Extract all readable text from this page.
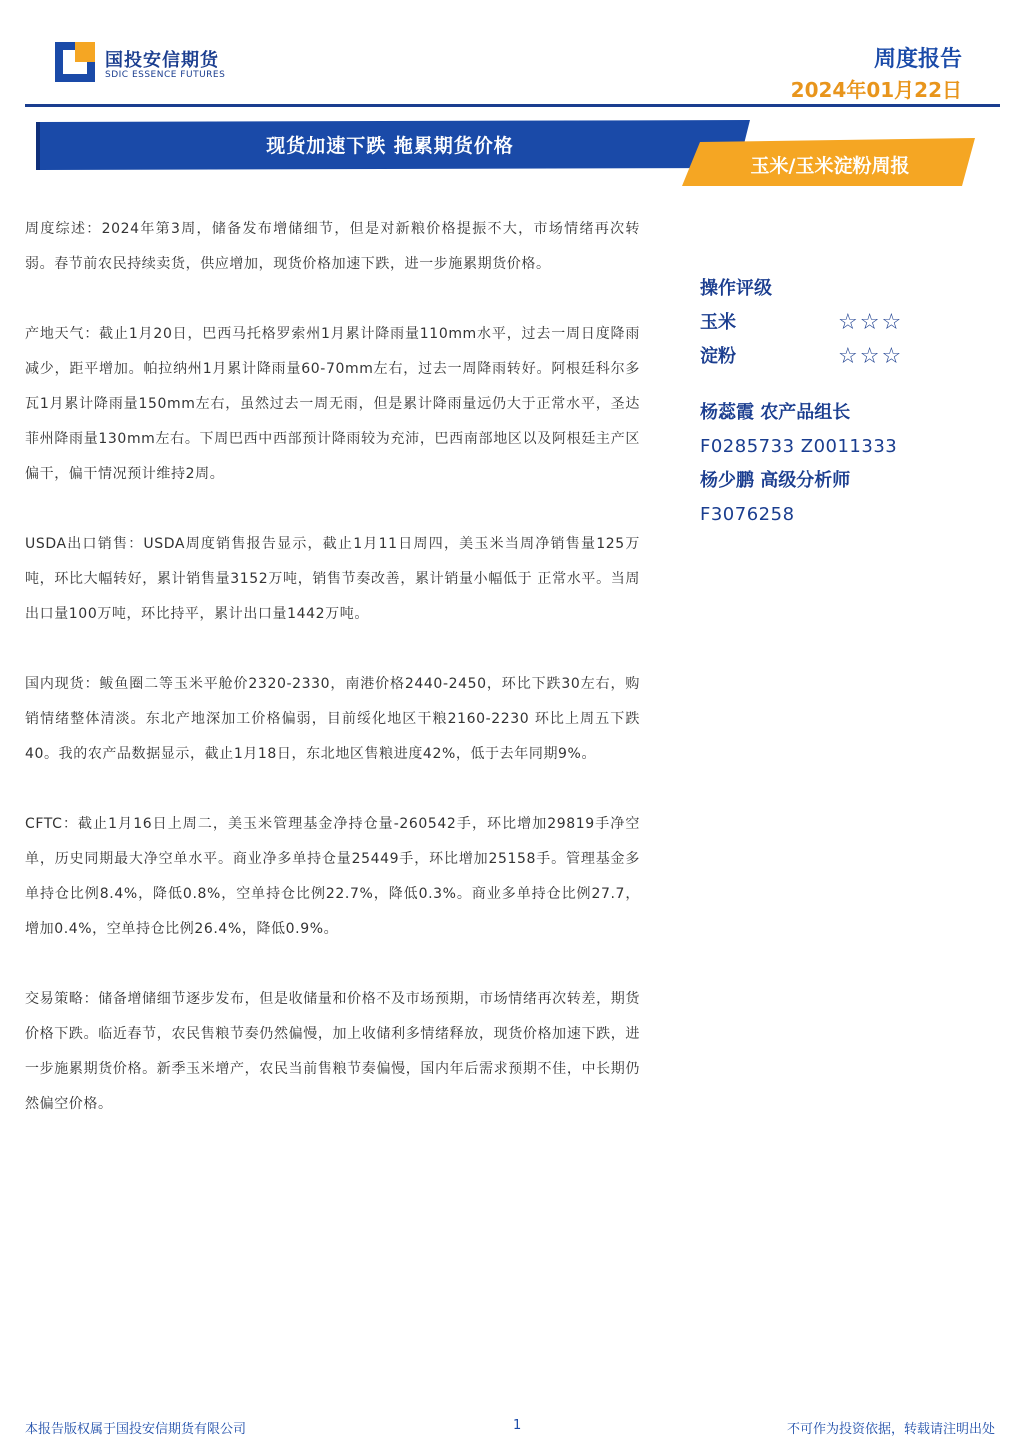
国投安信期货
SDIC ESSENCE FUTURES
周度报告
2024年01月22日
现货加速下跌 拖累期货价格
玉米/玉米淀粉周报

周度综述：2024年第3周，储备发布增储细节，但是对新粮价格提振不大，市场情绪再次转弱。春节前农民持续卖货，供应增加，现货价格加速下跌，进一步施累期货价格。

产地天气：截止1月20日，巴西马托格罗索州1月累计降雨量110mm水平，过去一周日度降雨减少，距平增加。帕拉纳州1月累计降雨量60-70mm左右，过去一周降雨转好。阿根廷科尔多瓦1月累计降雨量150mm左右，虽然过去一周无雨，但是累计降雨量远仍大于正常水平，圣达菲州降雨量130mm左右。下周巴西中西部预计降雨较为充沛，巴西南部地区以及阿根廷主产区偏干，偏干情况预计维持2周。

USDA出口销售：USDA周度销售报告显示，截止1月11日周四，美玉米当周净销售量125万吨，环比大幅转好，累计销售量3152万吨，销售节奏改善，累计销量小幅低于 正常水平。当周出口量100万吨，环比持平，累计出口量1442万吨。

国内现货：鲅鱼圈二等玉米平舱价2320-2330，南港价格2440-2450，环比下跌30左右，购销情绪整体清淡。东北产地深加工价格偏弱，目前绥化地区干粮2160-2230 环比上周五下跌40。我的农产品数据显示，截止1月18日，东北地区售粮进度42%，低于去年同期9%。

CFTC：截止1月16日上周二，美玉米管理基金净持仓量-260542手，环比增加29819手净空单，历史同期最大净空单水平。商业净多单持仓量25449手，环比增加25158手。管理基金多单持仓比例8.4%，降低0.8%，空单持仓比例22.7%，降低0.3%。商业多单持仓比例27.7，增加0.4%，空单持仓比例26.4%，降低0.9%。

交易策略：储备增储细节逐步发布，但是收储量和价格不及市场预期，市场情绪再次转差，期货价格下跌。临近春节，农民售粮节奏仍然偏慢，加上收储利多情绪释放，现货价格加速下跌，进一步施累期货价格。新季玉米增产，农民当前售粮节奏偏慢，国内年后需求预期不佳，中长期仍然偏空价格。

操作评级
玉米	☆☆☆
淀粉	☆☆☆
杨蕊霞 农产品组长
F0285733 Z0011333
杨少鹏 高级分析师
F3076258
本报告版权属于国投安信期货有限公司	1	不可作为投资依据，转载请注明出处
